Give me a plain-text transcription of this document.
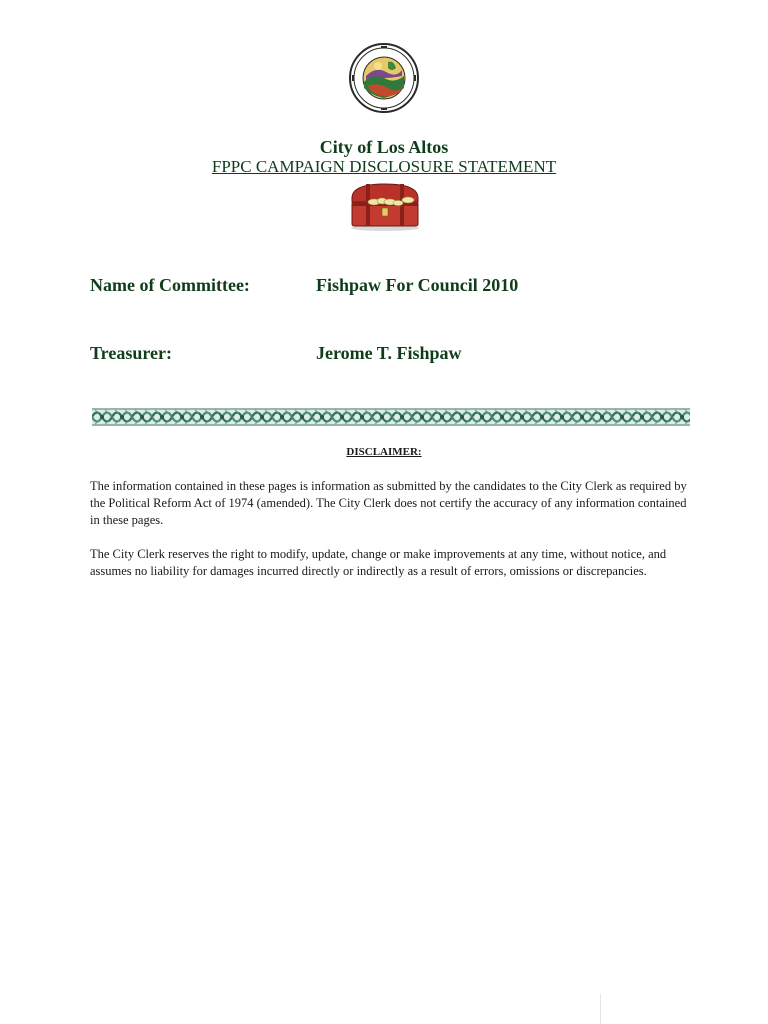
City of Los Altos
FPPC CAMPAIGN DISCLOSURE STATEMENT
Name of Committee:	Fishpaw For Council 2010
Treasurer:	Jerome T. Fishpaw
DISCLAIMER:
The information contained in these pages is information as submitted by the candidates to the City Clerk as required by the Political Reform Act of 1974 (amended). The City Clerk does not certify the accuracy of any information contained in these pages.
The City Clerk reserves the right to modify, update, change or make improvements at any time, without notice, and assumes no liability for damages incurred directly or indirectly as a result of errors, omissions or discrepancies.
